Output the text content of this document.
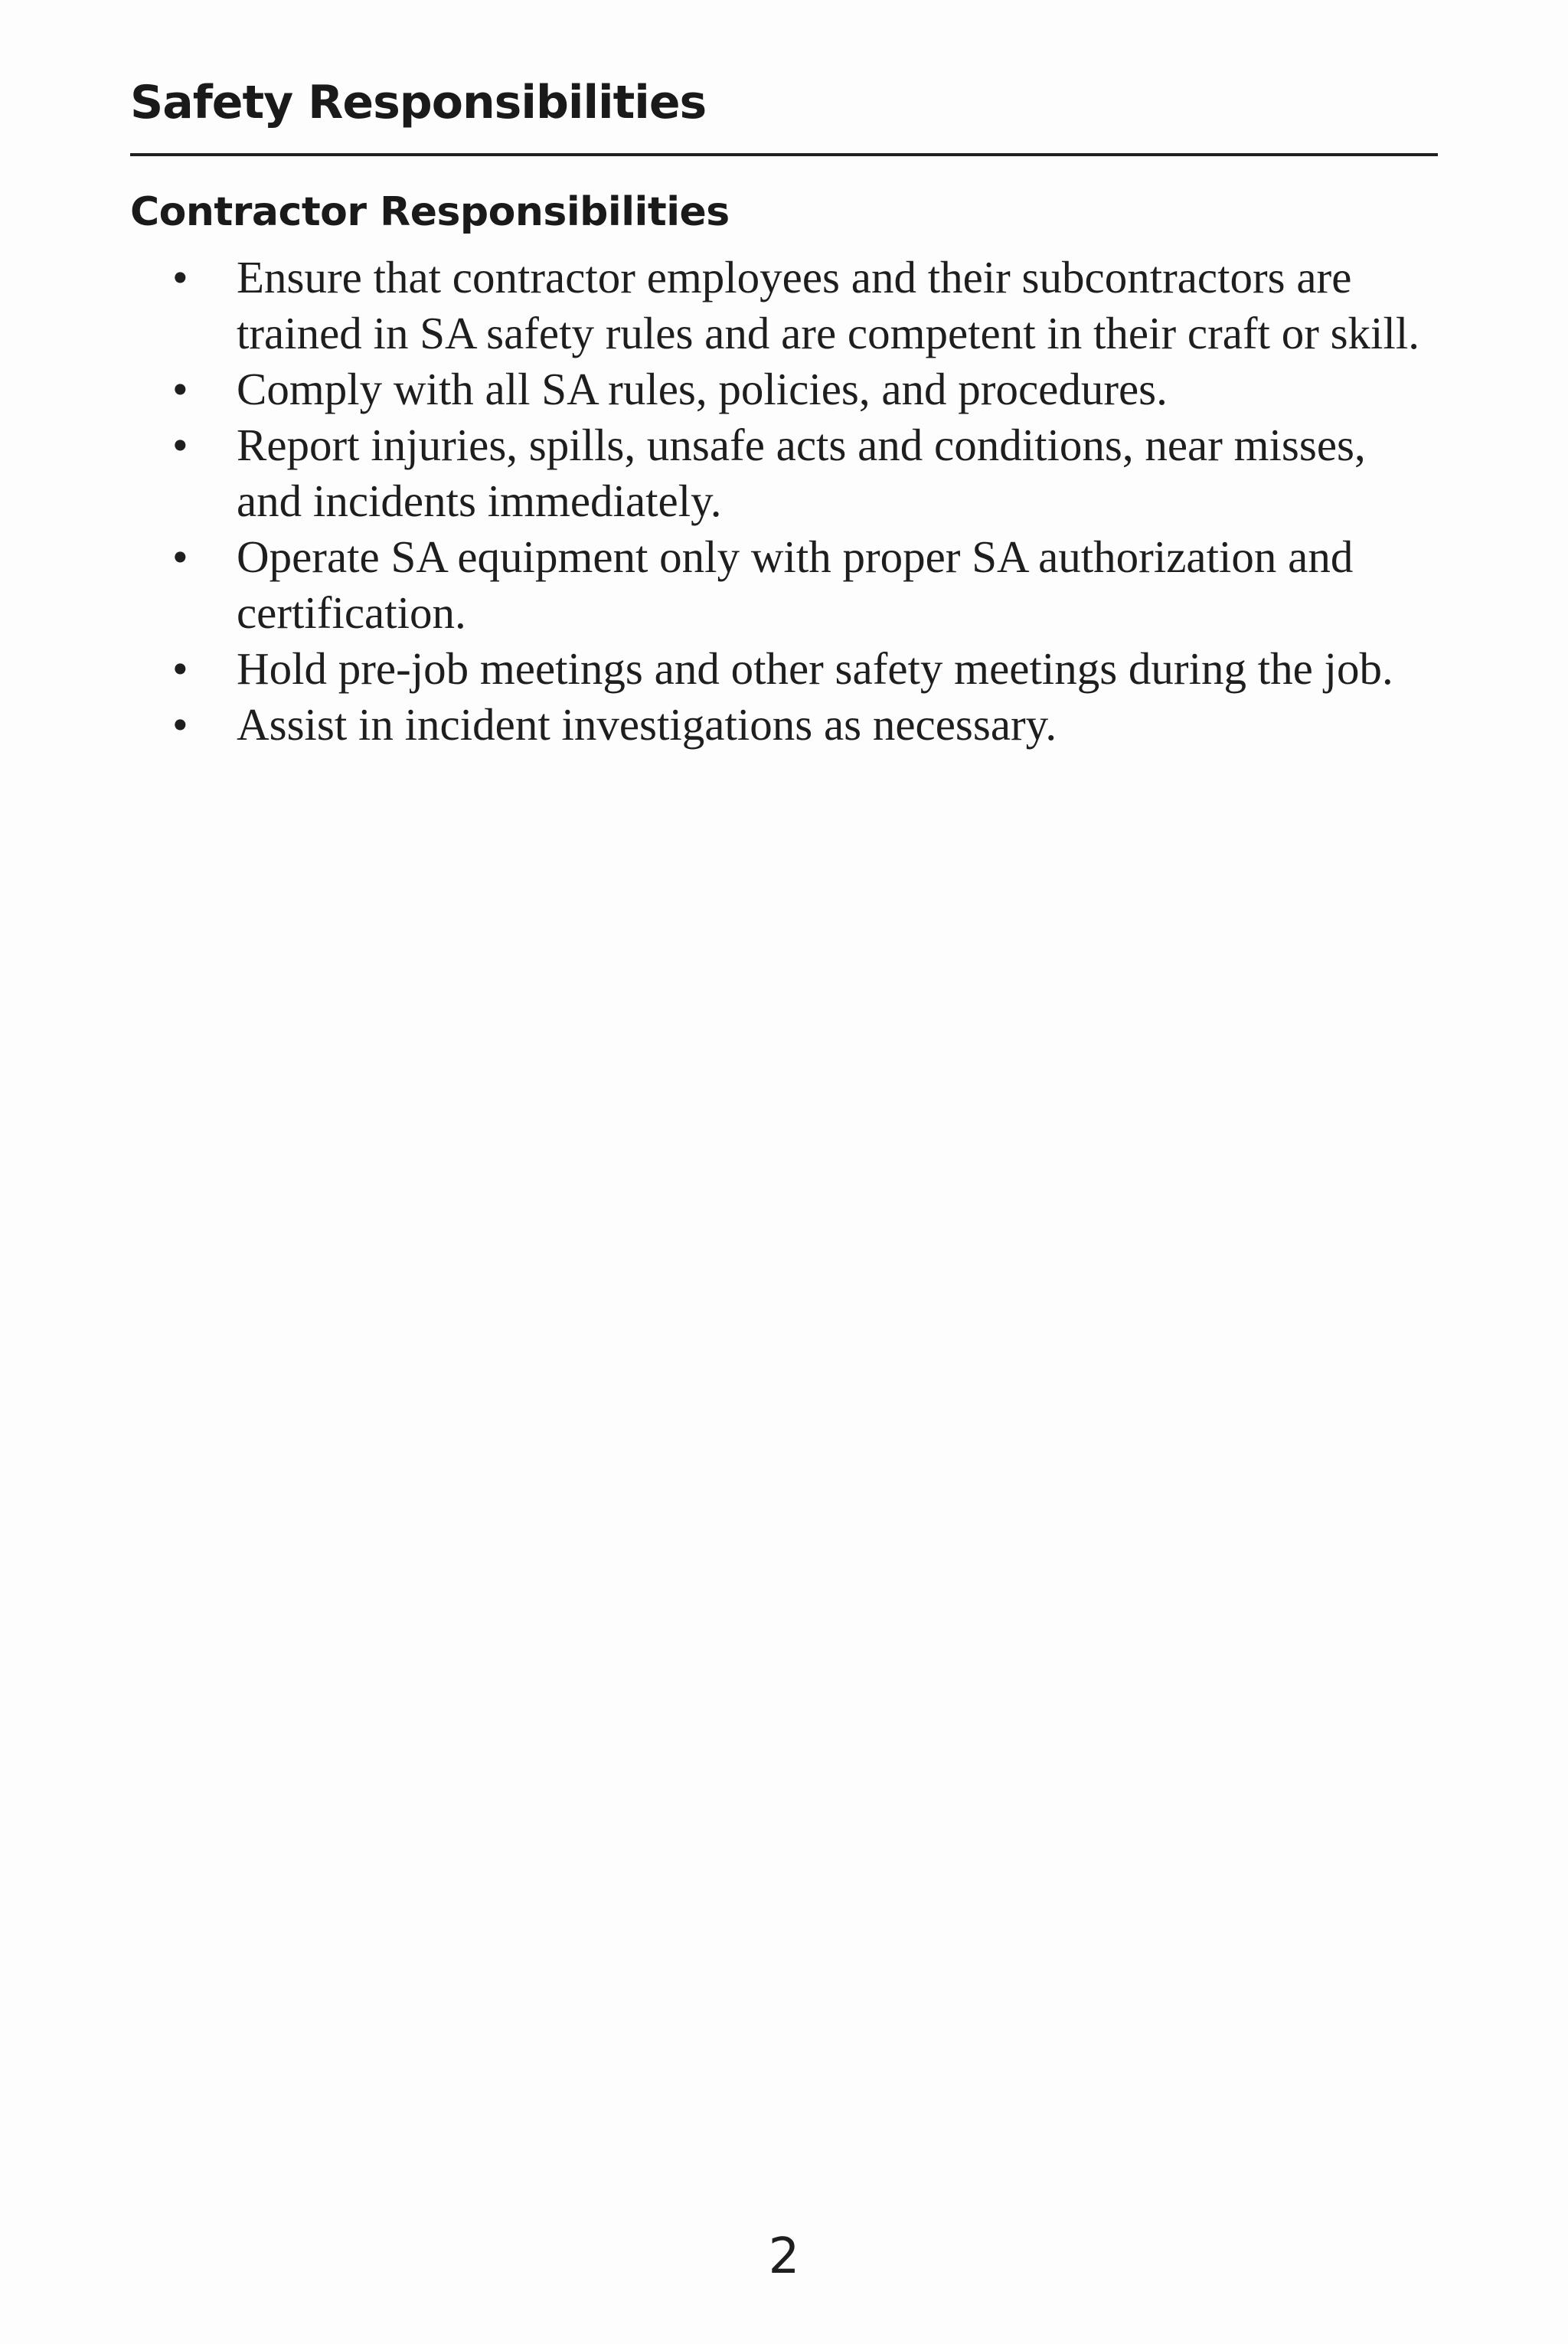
Safety Responsibilities
Contractor Responsibilities
• Ensure that contractor employees and their subcontractors are trained in SA safety rules and are competent in their craft or skill.
• Comply with all SA rules, policies, and procedures.
• Report injuries, spills, unsafe acts and conditions, near misses, and incidents immediately.
• Operate SA equipment only with proper SA authorization and certification.
• Hold pre-job meetings and other safety meetings during the job.
• Assist in incident investigations as necessary.
2
